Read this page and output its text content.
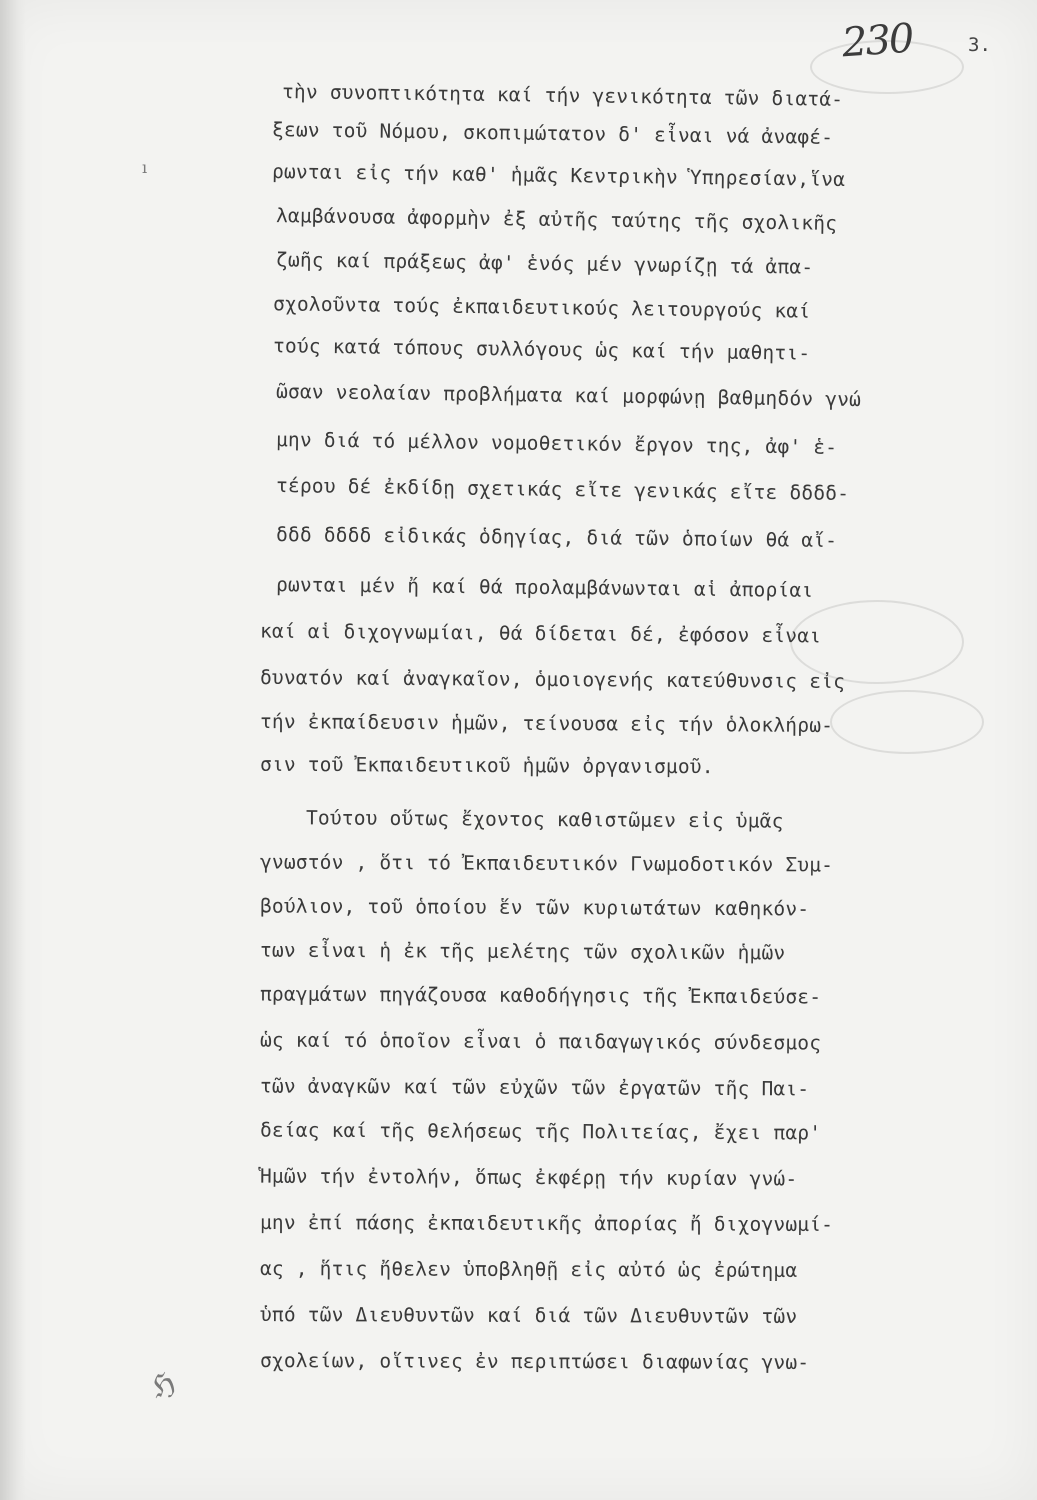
230	3.
ı
ℌ
τὴν συνοπτικότητα καί τήν γενικότητα τῶν διατά-
ξεων τοῦ Νόμου, σκοπιμώτατον δ' εἶναι νά ἀναφέ-
ρωνται εἰς τήν καθ' ἡμᾶς Κεντρικὴν Ὑπηρεσίαν,ἵνα
λαμβάνουσα ἀφορμὴν ἐξ αὐτῆς ταύτης τῆς σχολικῆς
ζωῆς καί πράξεως ἀφ' ἑνός μέν γνωρίζῃ τά ἀπα-
σχολοῦντα τούς ἐκπαιδευτικούς λειτουργούς καί
τούς κατά τόπους συλλόγους ὡς καί τήν μαθητι-
ῶσαν νεολαίαν προβλήματα καί μορφώνῃ βαθμηδόν γνώ
μην διά τό μέλλον νομοθετικόν ἔργον της, ἀφ' ἑ-
τέρου δέ ἐκδίδῃ σχετικάς εἴτε γενικάς εἴτε ẟẟẟẟ-
ẟẟẟ ẟẟẟẟ εἰδικάς ὁδηγίας, διά τῶν ὁποίων θά αἴ-
ρωνται μέν ἤ καί θά προλαμβάνωνται αἱ ἀπορίαι
καί αἱ διχογνωμίαι, θά δίδεται δέ, ἐφόσον εἶναι
δυνατόν καί ἀναγκαῖον, ὁμοιογενής κατεύθυνσις εἰς
τήν ἐκπαίδευσιν ἡμῶν, τείνουσα εἰς τήν ὁλοκλήρω-
σιν τοῦ Ἐκπαιδευτικοῦ ἡμῶν ὀργανισμοῦ.
Τούτου οὕτως ἔχοντος καθιστῶμεν εἰς ὑμᾶς
γνωστόν , ὅτι τό Ἐκπαιδευτικόν Γνωμοδοτικόν Συμ-
βούλιον, τοῦ ὁποίου ἕν τῶν κυριωτάτων καθηκόν-
των εἶναι ἡ ἐκ τῆς μελέτης τῶν σχολικῶν ἡμῶν
πραγμάτων πηγάζουσα καθοδήγησις τῆς Ἐκπαιδεύσε-
ὡς καί τό ὁποῖον εἶναι ὁ παιδαγωγικός σύνδεσμος
τῶν ἀναγκῶν καί τῶν εὐχῶν τῶν ἐργατῶν τῆς Παι-
δείας καί τῆς θελήσεως τῆς Πολιτείας, ἔχει παρ'
Ἡμῶν τήν ἐντολήν, ὅπως ἐκφέρῃ τήν κυρίαν γνώ-
μην ἐπί πάσης ἐκπαιδευτικῆς ἀπορίας ἤ διχογνωμί-
ας , ἥτις ἤθελεν ὑποβληθῇ εἰς αὐτό ὡς ἐρώτημα
ὑπό τῶν Διευθυντῶν καί διά τῶν Διευθυντῶν τῶν
σχολείων, οἵτινες ἐν περιπτώσει διαφωνίας γνω-
